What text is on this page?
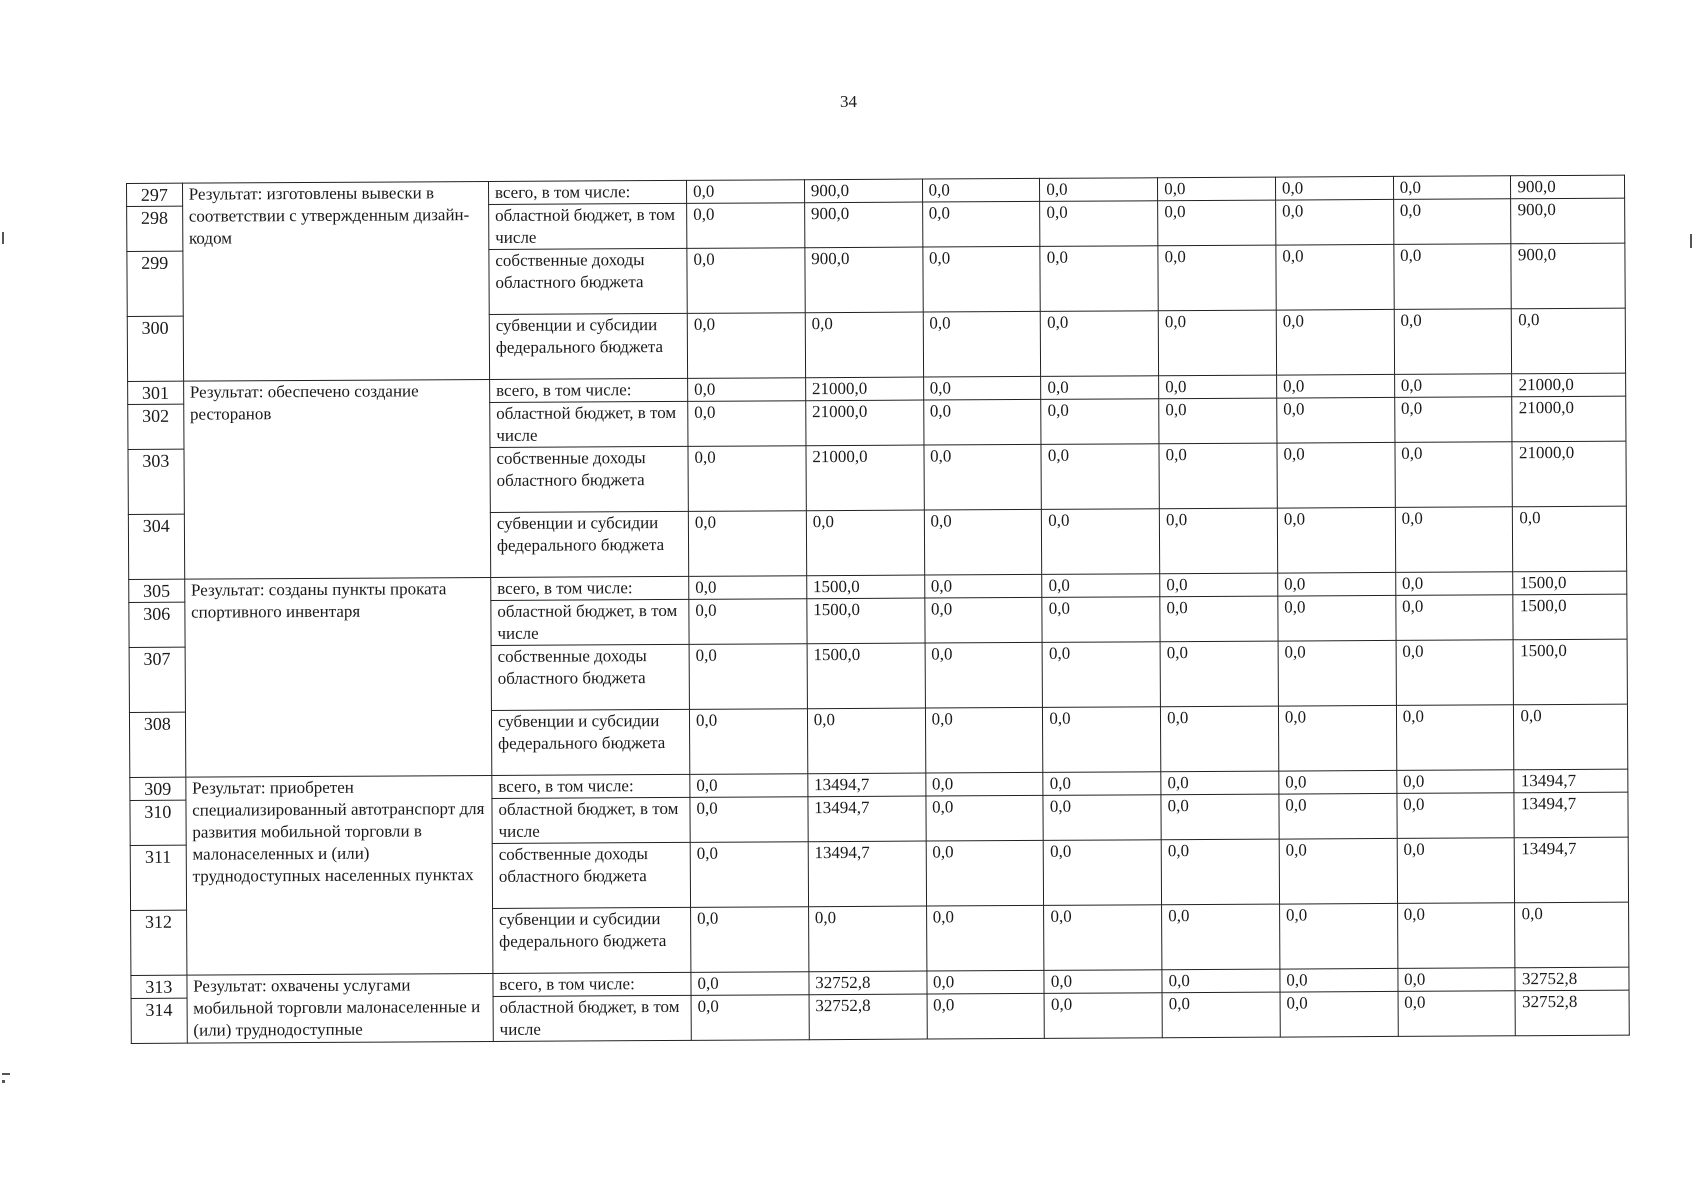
34
297	Результат: изготовлены вывески в соответствии с утвержденным дизайн-кодом	всего, в том числе:	0,0	900,0	0,0	0,0	0,0	0,0	0,0	900,0
298		областной бюджет, в том числе	0,0	900,0	0,0	0,0	0,0	0,0	0,0	900,0
299		собственные доходы областного бюджета	0,0	900,0	0,0	0,0	0,0	0,0	0,0	900,0
300		субвенции и субсидии федерального бюджета	0,0	0,0	0,0	0,0	0,0	0,0	0,0	0,0
301	Результат: обеспечено создание ресторанов	всего, в том числе:	0,0	21000,0	0,0	0,0	0,0	0,0	0,0	21000,0
302		областной бюджет, в том числе	0,0	21000,0	0,0	0,0	0,0	0,0	0,0	21000,0
303		собственные доходы областного бюджета	0,0	21000,0	0,0	0,0	0,0	0,0	0,0	21000,0
304		субвенции и субсидии федерального бюджета	0,0	0,0	0,0	0,0	0,0	0,0	0,0	0,0
305	Результат: созданы пункты проката спортивного инвентаря	всего, в том числе:	0,0	1500,0	0,0	0,0	0,0	0,0	0,0	1500,0
306		областной бюджет, в том числе	0,0	1500,0	0,0	0,0	0,0	0,0	0,0	1500,0
307		собственные доходы областного бюджета	0,0	1500,0	0,0	0,0	0,0	0,0	0,0	1500,0
308		субвенции и субсидии федерального бюджета	0,0	0,0	0,0	0,0	0,0	0,0	0,0	0,0
309	Результат: приобретен специализированный автотранспорт для развития мобильной торговли в малонаселенных и (или) труднодоступных населенных пунктах	всего, в том числе:	0,0	13494,7	0,0	0,0	0,0	0,0	0,0	13494,7
310		областной бюджет, в том числе	0,0	13494,7	0,0	0,0	0,0	0,0	0,0	13494,7
311		собственные доходы областного бюджета	0,0	13494,7	0,0	0,0	0,0	0,0	0,0	13494,7
312		субвенции и субсидии федерального бюджета	0,0	0,0	0,0	0,0	0,0	0,0	0,0	0,0
313	Результат: охвачены услугами мобильной торговли малонаселенные и (или) труднодоступные	всего, в том числе:	0,0	32752,8	0,0	0,0	0,0	0,0	0,0	32752,8
314		областной бюджет, в том числе	0,0	32752,8	0,0	0,0	0,0	0,0	0,0	32752,8
